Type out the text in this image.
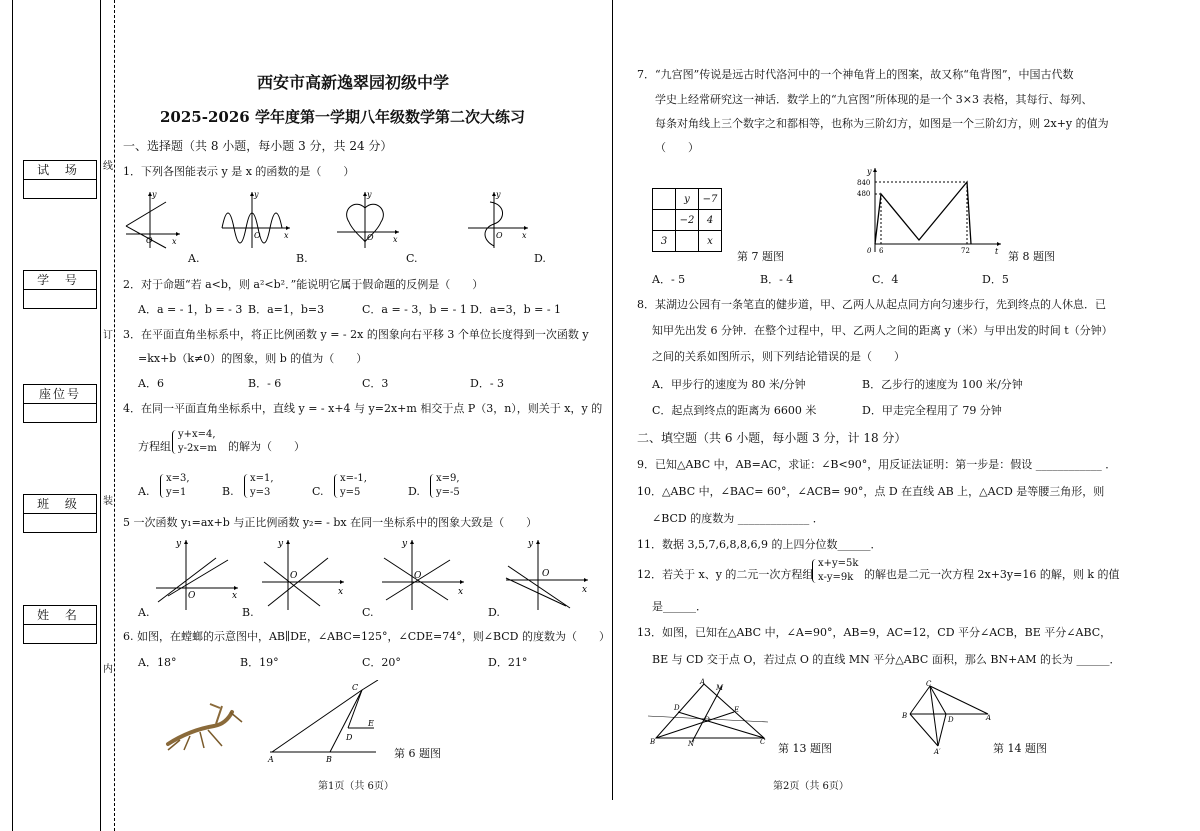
试 场
学 号
座位号
班 级
姓 名
线
订
装
内
西安市高新逸翠园初级中学
2025-2026 学年度第一学期八年级数学第二次大练习
一、选择题（共 8 小题，每小题 3 分，共 24 分）
1．下列各图能表示 y 是 x 的函数的是（　　）
O x
y
A.
O	x
y
B.
O x
y
C.
O x
y
D.
2．对于命题“若 a<b，则 a²<b²．”能说明它属于假命题的反例是（　　）
A．a = - 1，b = - 3 B．a=1，b=3	C．a = - 3，b = - 1 D．a=3，b = - 1
3．在平面直角坐标系中，将正比例函数 y = - 2x 的图象向右平移 3 个单位长度得到一次函数 y
=kx+b（k≠0）的图象，则 b 的值为（　　）
A．6	B．- 6	C．3	D．- 3
4．在同一平面直角坐标系中，直线 y = - x+4 与 y=2x+m 相交于点 P（3，n），则关于 x，y 的
方程组
y+x=4,
y-2x=m 的解为（　　）
A.
x=3,
y=1	B.
x=1,
y=3	C.
x=-1,
y=5	D.
x=9,
y=-5
5 一次函数 y₁=ax+b 与正比例函数 y₂= - bx 在同一坐标系中的图象大致是（　　）
O	x
y
A.
O
x
y
B.
O
x
y
C.
O
x
y
D.
6. 如图，在螳螂的示意图中，AB∥DE，∠ABC=125°，∠CDE=74°，则∠BCD 的度数为（　　）
A．18°	B．19°	C．20°	D．21°
C
D
E
A	B	第 6 题图
第1页（共 6页）
7．“九宫图”传说是远古时代洛河中的一个神龟背上的图案，故又称“龟背图”，中国古代数
学史上经常研究这一神话．数学上的“九宫图”所体现的是一个 3×3 表格，其每行、每列、
每条对角线上三个数字之和都相等，也称为三阶幻方，如图是一个三阶幻方，则 2x+y 的值为
（　　）
	y	−7
	−2	4
3		x
第 7 题图
840
480
6	72
0	t
y
第 8 题图
A．- 5	B．- 4	C．4	D．5
8．某湖边公园有一条笔直的健步道，甲、乙两人从起点同方向匀速步行，先到终点的人休息．已
知甲先出发 6 分钟．在整个过程中，甲、乙两人之间的距离 y（米）与甲出发的时间 t（分钟）
之间的关系如图所示，则下列结论错误的是（　　）
A．甲步行的速度为 80 米/分钟	B．乙步行的速度为 100 米/分钟
C．起点到终点的距离为 6600 米	D．甲走完全程用了 79 分钟
二、填空题（共 6 小题，每小题 3 分，计 18 分）
9．已知△ABC 中，AB=AC，求证：∠B<90°，用反证法证明：第一步是：假设 ____________ ．
10．△ABC 中，∠BAC= 60°，∠ACB= 90°，点 D 在直线 AB 上，△ACD 是等腰三角形，则
∠BCD 的度数为 _____________ ．
11．数据 3,5,7,6,8,8,6,9 的上四分位数______．
12．若关于 x、y 的二元一次方程组
x+y=5k
x-y=9k 的解也是二元一次方程 2x+3y=16 的解，则 k 的值
是______．
13．如图，已知在△ABC 中，∠A=90°，AB=9，AC=12，CD 平分∠ACB，BE 平分∠ABC，
BE 与 CD 交于点 O，若过点 O 的直线 MN 平分△ABC 面积，那么 BN+AM 的长为 ______．
A
M
D	E
O
B	N	C 第 13 题图
C
B	D	A
A′	第 14 题图
第2页（共 6页）
